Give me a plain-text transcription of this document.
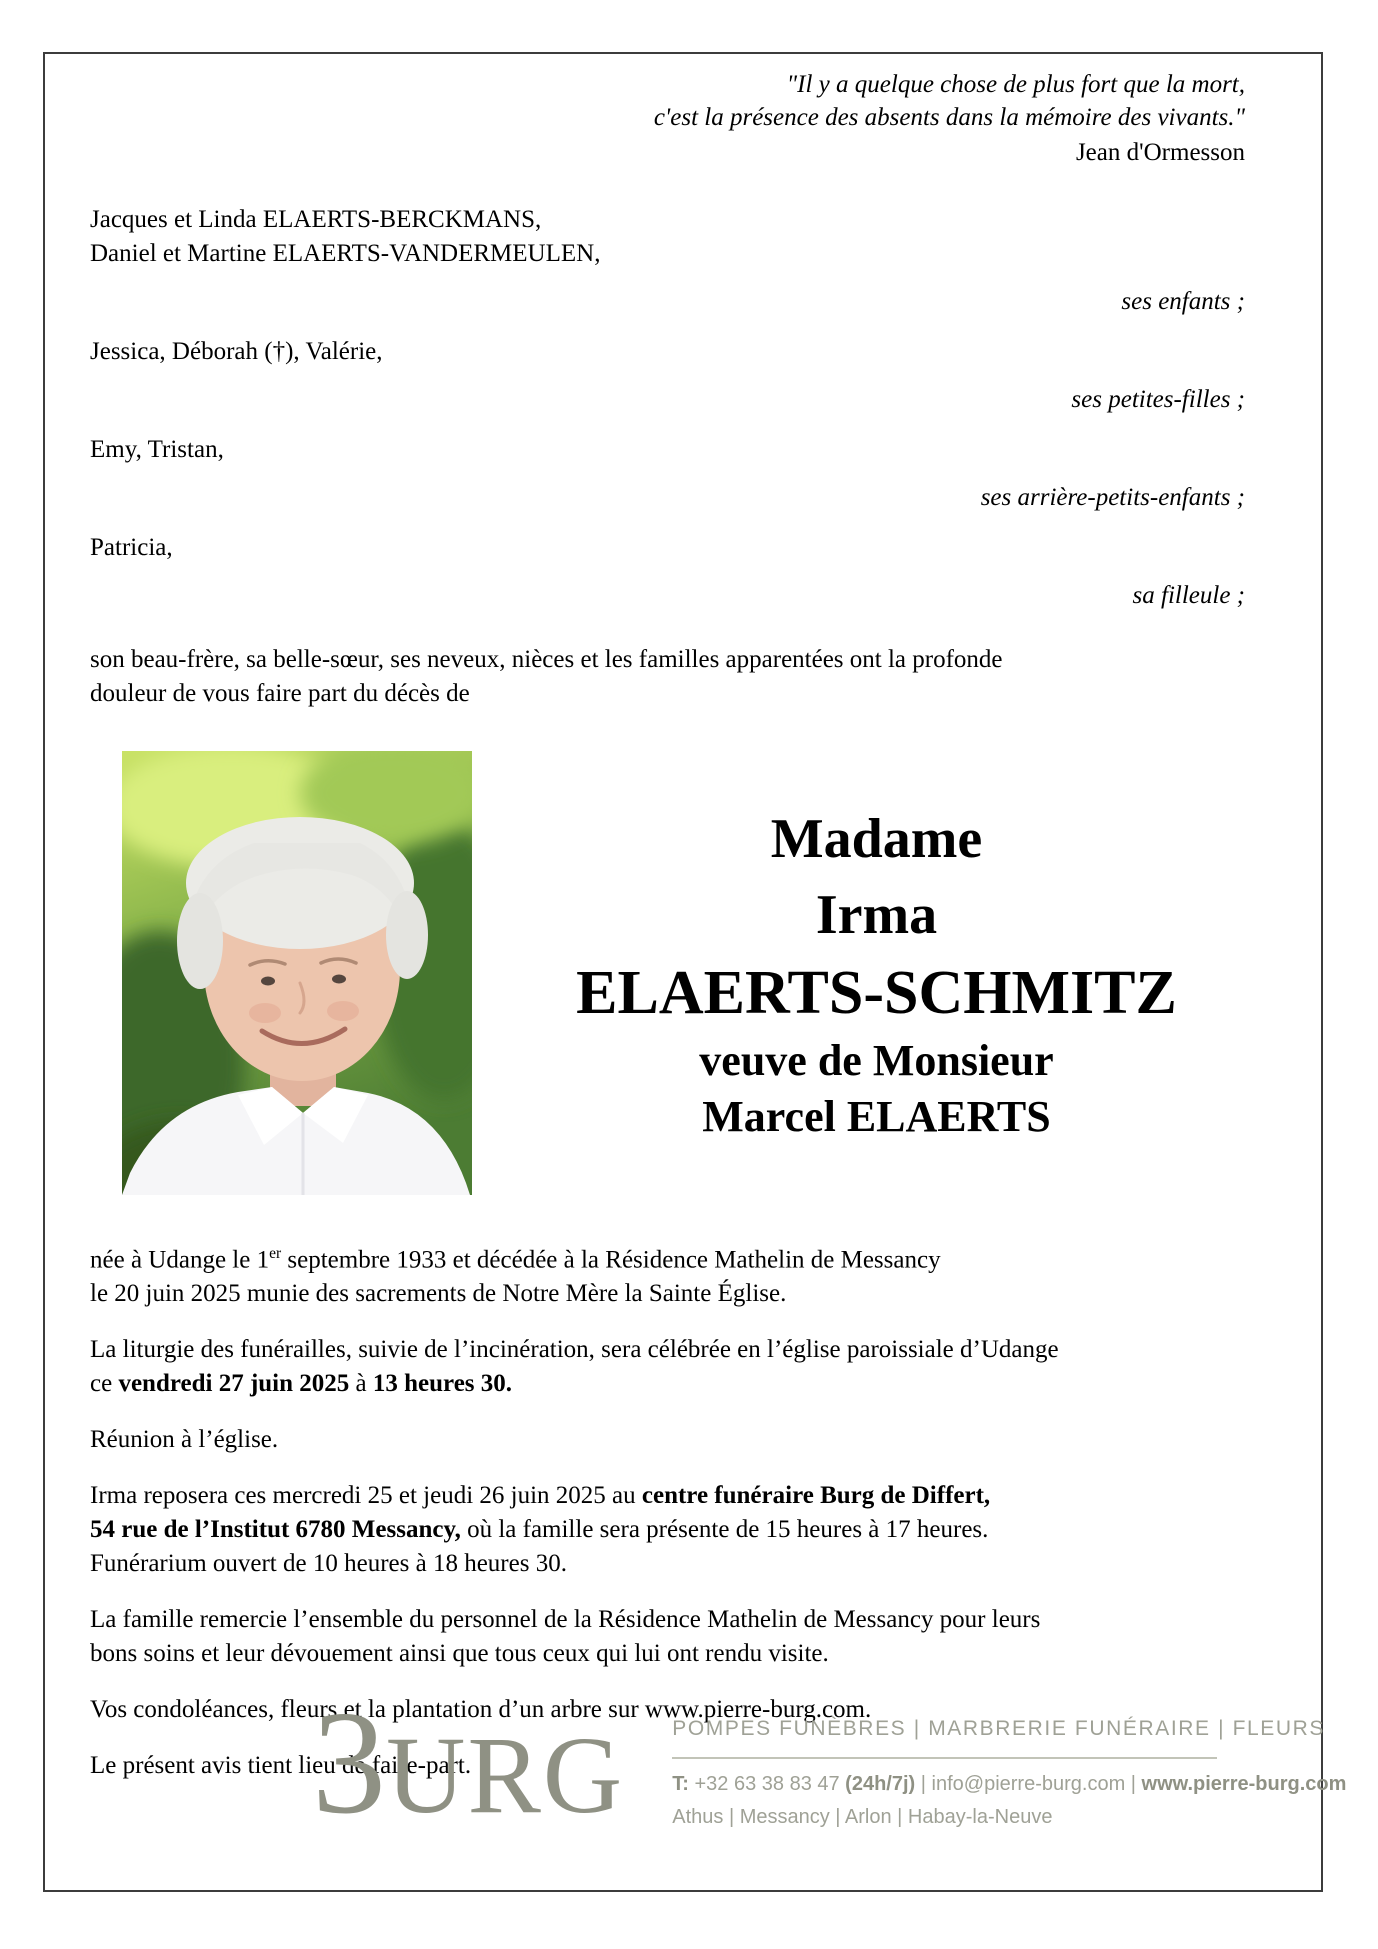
"Il y a quelque chose de plus fort que la mort,
c'est la présence des absents dans la mémoire des vivants."
Jean d'Ormesson
Jacques et Linda ELAERTS-BERCKMANS,
Daniel et Martine ELAERTS-VANDERMEULEN,
ses enfants ;
Jessica, Déborah (†), Valérie,
ses petites-filles ;
Emy, Tristan,
ses arrière-petits-enfants ;
Patricia,
sa filleule ;
son beau-frère, sa belle-sœur, ses neveux, nièces et les familles apparentées ont la profonde
douleur de vous faire part du décès de
Madame
Irma
ELAERTS-SCHMITZ
veuve de Monsieur
Marcel ELAERTS
née à Udange le 1er septembre 1933 et décédée à la Résidence Mathelin de Messancy
le 20 juin 2025 munie des sacrements de Notre Mère la Sainte Église.
La liturgie des funérailles, suivie de l’incinération, sera célébrée en l’église paroissiale d’Udange
ce vendredi 27 juin 2025 à 13 heures 30.
Réunion à l’église.
Irma reposera ces mercredi 25 et jeudi 26 juin 2025 au centre funéraire Burg de Differt,
54 rue de l’Institut 6780 Messancy, où la famille sera présente de 15 heures à 17 heures.
Funérarium ouvert de 10 heures à 18 heures 30.
La famille remercie l’ensemble du personnel de la Résidence Mathelin de Messancy pour leurs
bons soins et leur dévouement ainsi que tous ceux qui lui ont rendu visite.
Vos condoléances, fleurs et la plantation d’un arbre sur www.pierre-burg.com.
Le présent avis tient lieu de faire-part.
3URG POMPES FUNÈBRES | MARBRERIE FUNÉRAIRE | FLEURS
T: +32 63 38 83 47 (24h/7j) | info@pierre-burg.com | www.pierre-burg.com
Athus | Messancy | Arlon | Habay-la-Neuve
